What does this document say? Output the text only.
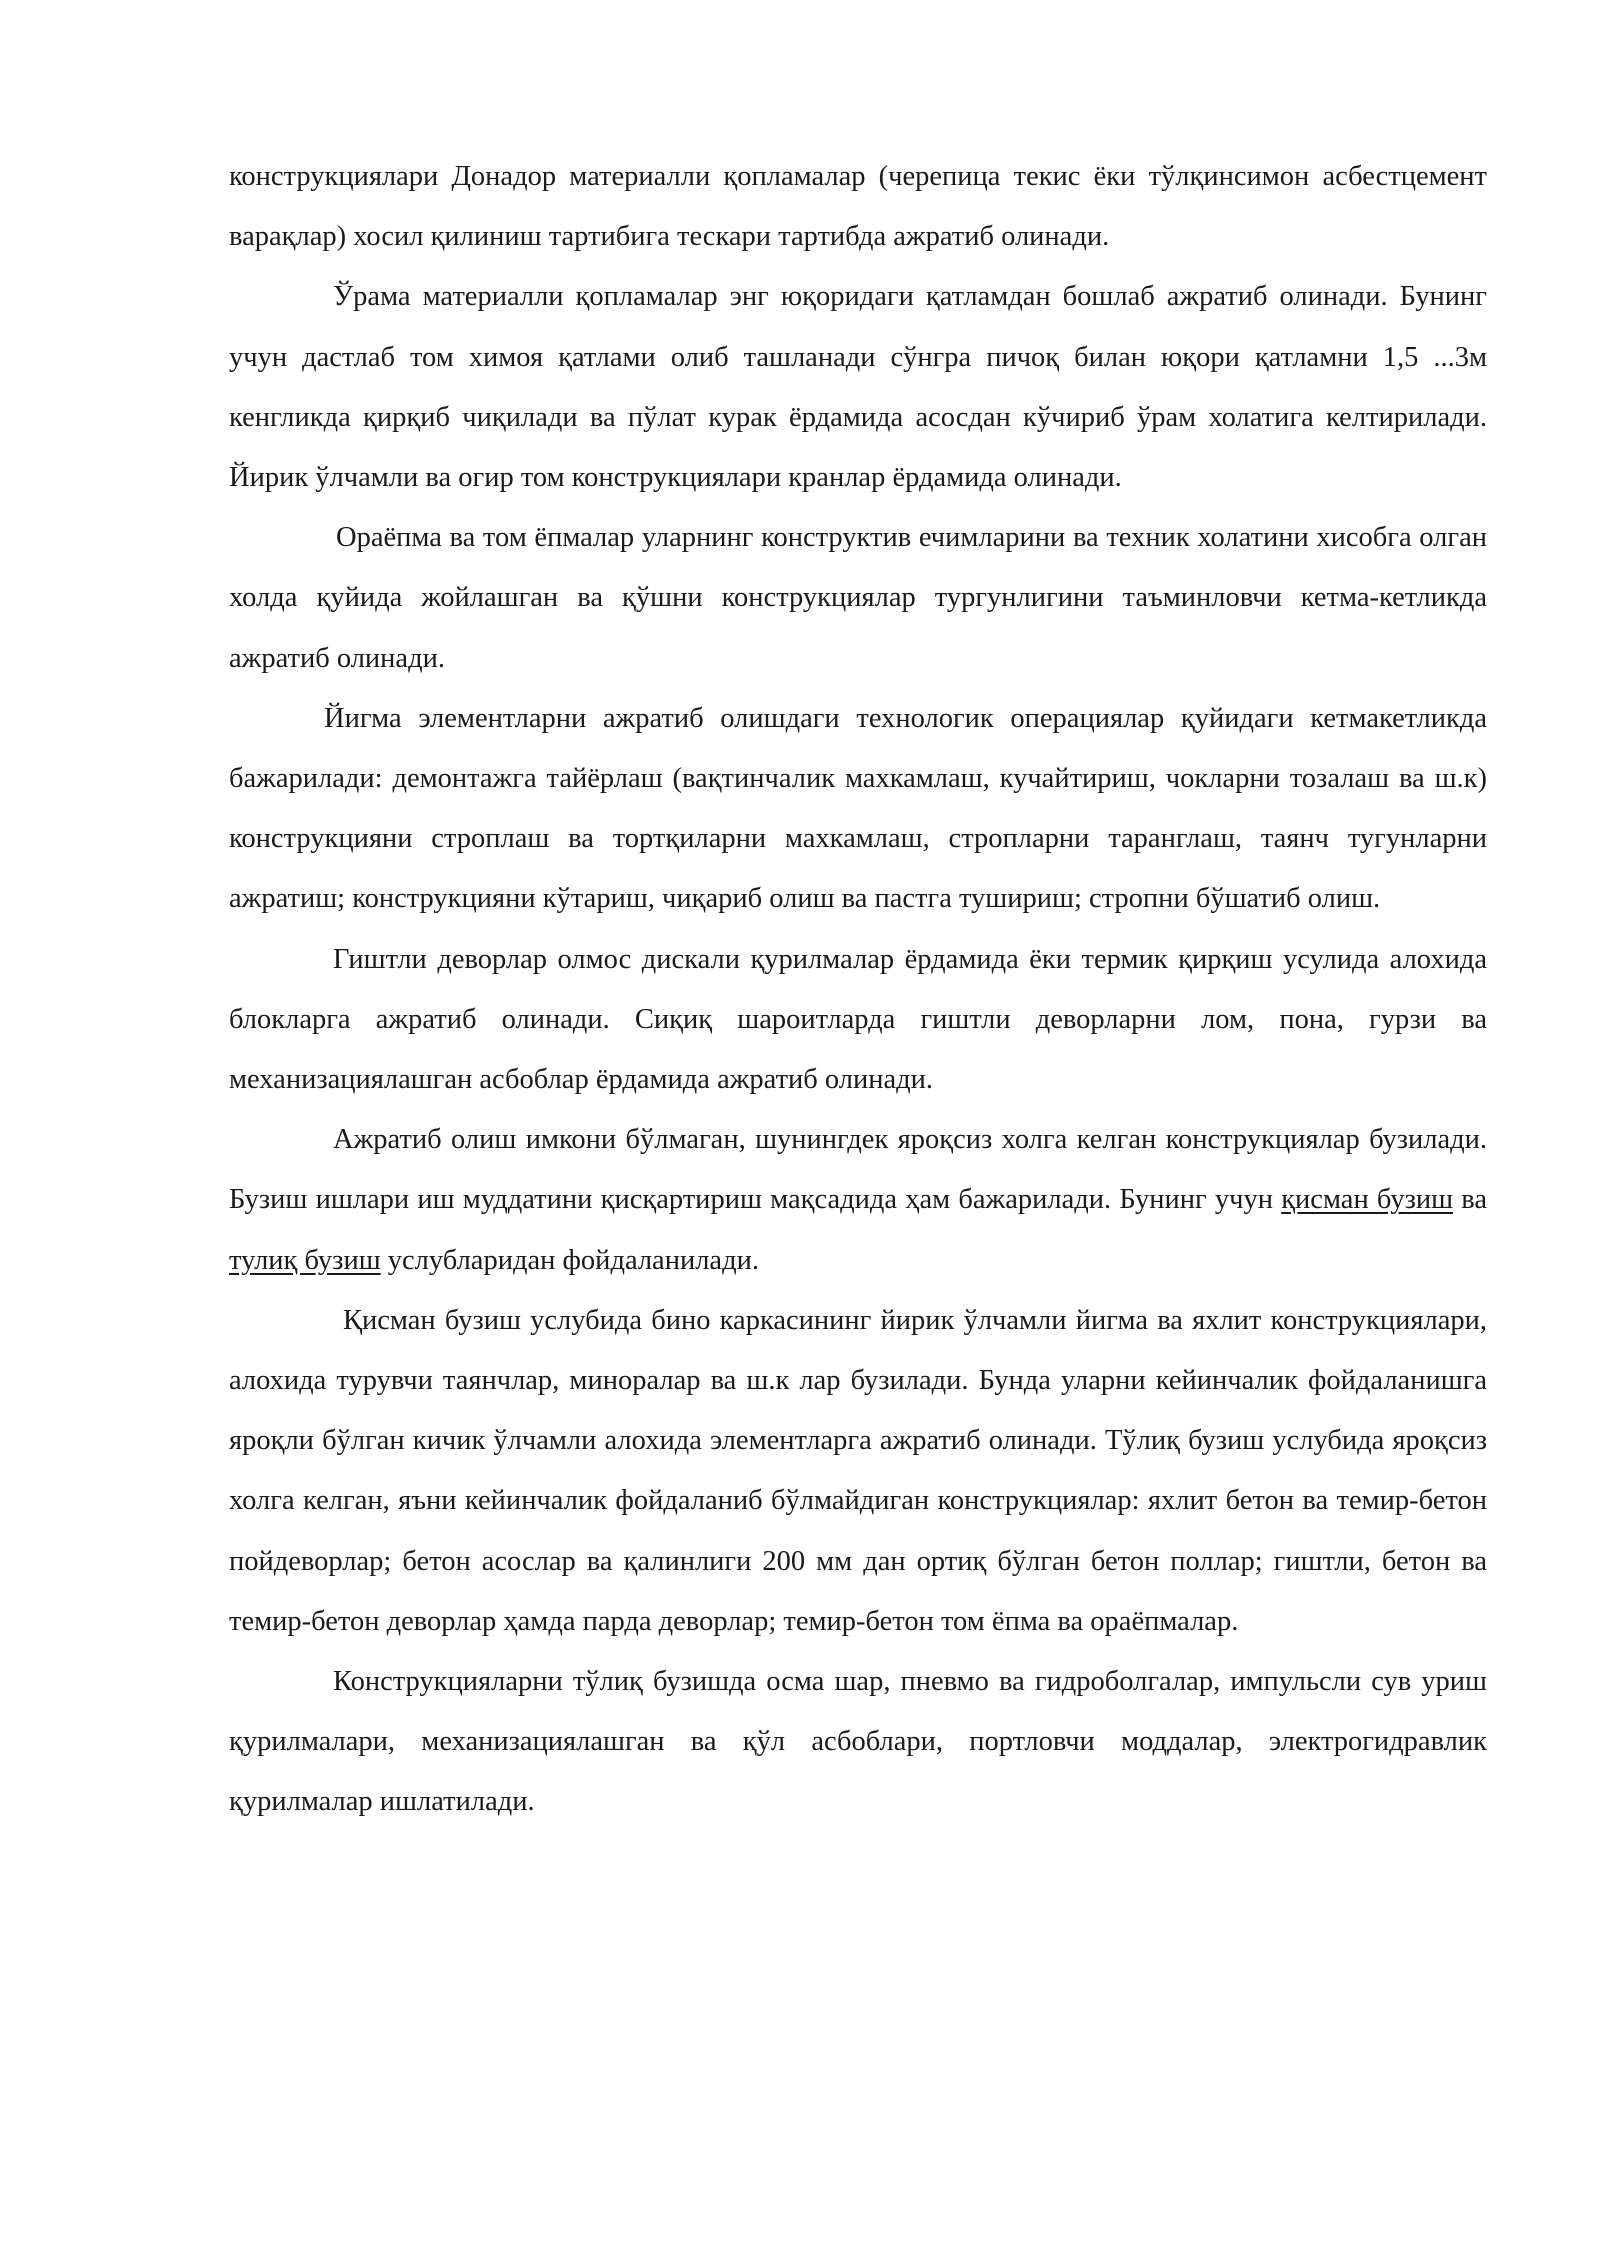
конструкциялари Донадор материалли қопламалар (черепица текис ёки тўлқинсимон асбестцемент варақлар) хосил қилиниш тартибига тескари тартибда ажратиб олинади.

Ўрама материалли қопламалар энг юқоридаги қатламдан бошлаб ажратиб олинади. Бунинг учун дастлаб том химоя қатлами олиб ташланади сўнгра пичоқ билан юқори қатламни 1,5 ...3м кенгликда қирқиб чиқилади ва пўлат курак ёрдамида асосдан кўчириб ўрам холатига келтирилади. Йирик ўлчамли ва огир том конструкциялари кранлар ёрдамида олинади.

Ораёпма ва том ёпмалар уларнинг конструктив ечимларини ва техник холатини хисобга олган холда қуйида жойлашган ва қўшни конструкциялар тургунлигини таъминловчи кетма-кетликда ажратиб олинади.

Йигма элементларни ажратиб олишдаги технологик операциялар қуйидаги кетмакетликда бажарилади: демонтажга тайёрлаш (вақтинчалик махкамлаш, кучайтириш, чокларни тозалаш ва ш.к) конструкцияни строплаш ва тортқиларни махкамлаш, стропларни таранглаш, таянч тугунларни ажратиш; конструкцияни кўтариш, чиқариб олиш ва пастга тушириш; стропни бўшатиб олиш.

Гиштли деворлар олмос дискали қурилмалар ёрдамида ёки термик қирқиш усулида алохида блокларга ажратиб олинади. Сиқиқ шароитларда гиштли деворларни лом, пона, гурзи ва механизациялашган асбоблар ёрдамида ажратиб олинади.

Ажратиб олиш имкони бўлмаган, шунингдек яроқсиз холга келган конструкциялар бузилади. Бузиш ишлари иш муддатини қисқартириш мақсадида ҳам бажарилади. Бунинг учун қисман бузиш ва тулиқ бузиш услубларидан фойдаланилади.

Қисман бузиш услубида бино каркасининг йирик ўлчамли йигма ва яхлит конструкциялари, алохида турувчи таянчлар, миноралар ва ш.к лар бузилади. Бунда уларни кейинчалик фойдаланишга яроқли бўлган кичик ўлчамли алохида элементларга ажратиб олинади. Тўлиқ бузиш услубида яроқсиз холга келган, яъни кейинчалик фойдаланиб бўлмайдиган конструкциялар: яхлит бетон ва темир-бетон пойдеворлар; бетон асослар ва қалинлиги 200 мм дан ортиқ бўлган бетон поллар; гиштли, бетон ва темир-бетон деворлар ҳамда парда деворлар; темир-бетон том ёпма ва ораёпмалар.

Конструкцияларни тўлиқ бузишда осма шар, пневмо ва гидроболгалар, импульсли сув уриш қурилмалари, механизациялашган ва қўл асбоблари, портловчи моддалар, электрогидравлик қурилмалар ишлатилади.
